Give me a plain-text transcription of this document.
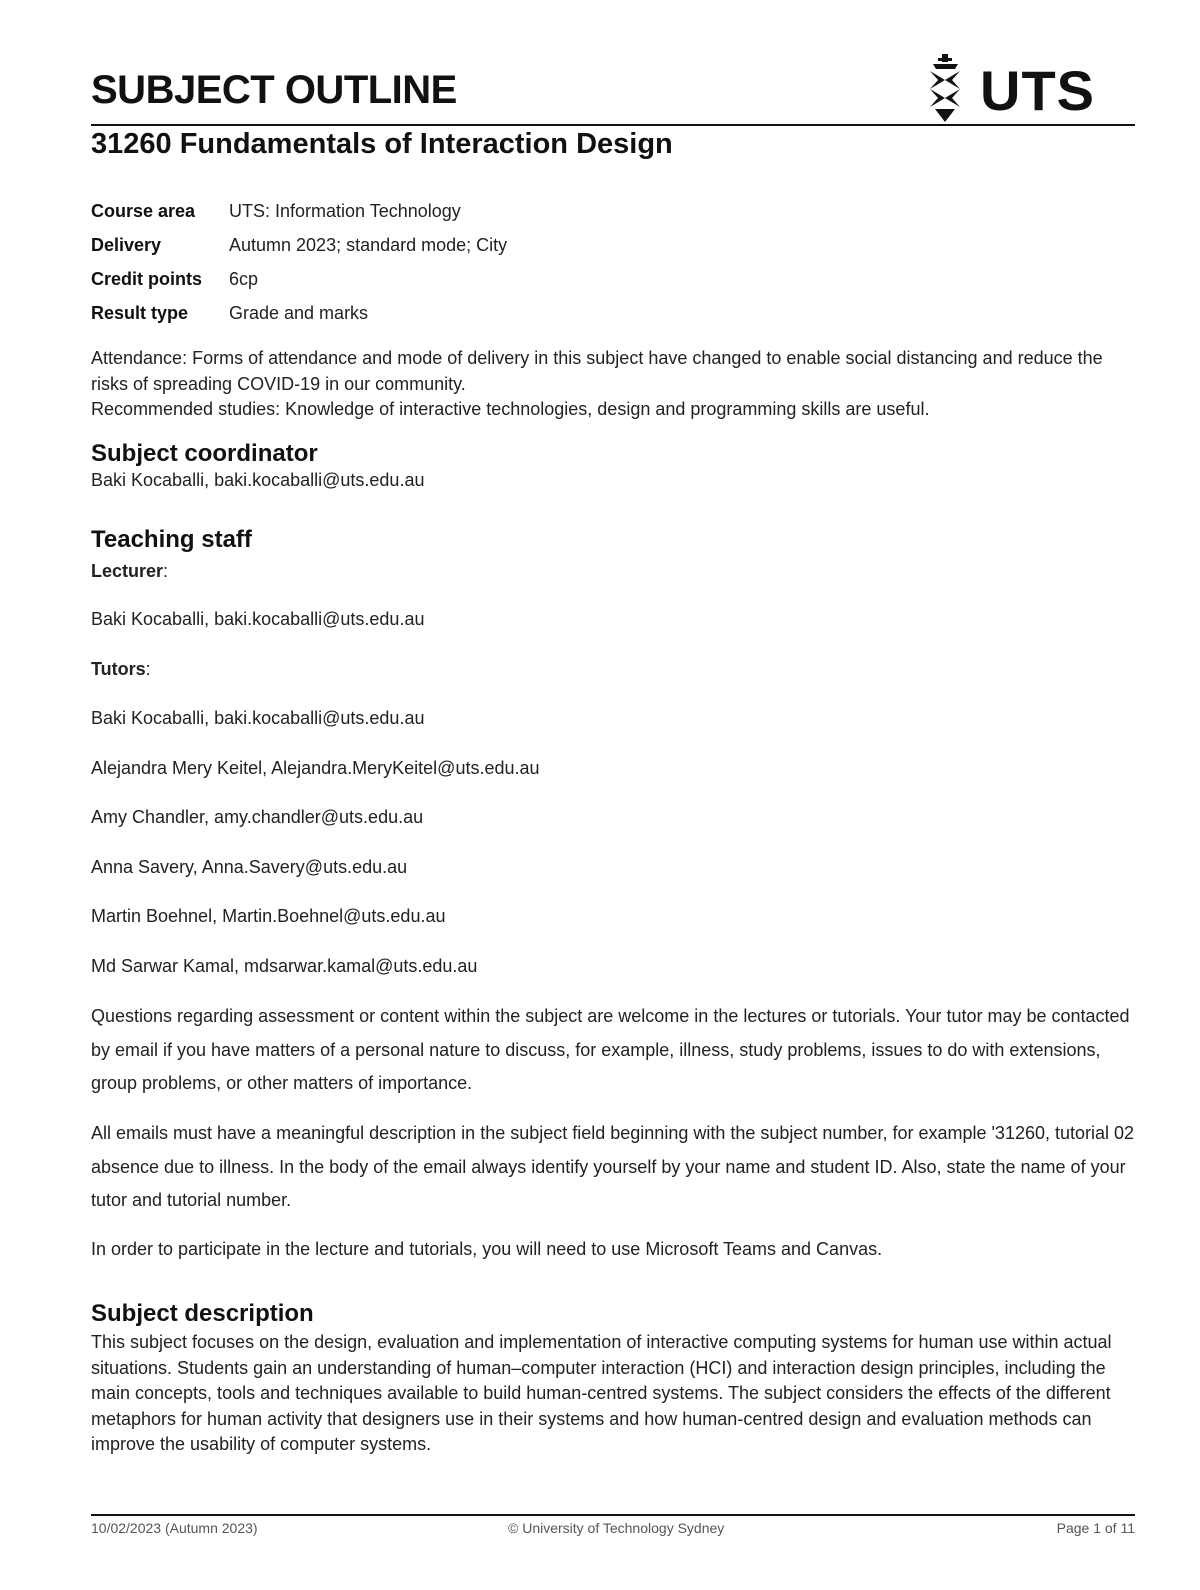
SUBJECT OUTLINE	UTS
31260 Fundamentals of Interaction Design
Course area	UTS: Information Technology
Delivery	Autumn 2023; standard mode; City
Credit points	6cp
Result type	Grade and marks

Attendance: Forms of attendance and mode of delivery in this subject have changed to enable social distancing and reduce the risks of spreading COVID-19 in our community.

Recommended studies: Knowledge of interactive technologies, design and programming skills are useful.

Subject coordinator

Baki Kocaballi, baki.kocaballi@uts.edu.au

Teaching staff

Lecturer:

Baki Kocaballi, baki.kocaballi@uts.edu.au

Tutors:

Baki Kocaballi, baki.kocaballi@uts.edu.au

Alejandra Mery Keitel, Alejandra.MeryKeitel@uts.edu.au

Amy Chandler, amy.chandler@uts.edu.au

Anna Savery, Anna.Savery@uts.edu.au

Martin Boehnel, Martin.Boehnel@uts.edu.au

Md Sarwar Kamal, mdsarwar.kamal@uts.edu.au

Questions regarding assessment or content within the subject are welcome in the lectures or tutorials. Your tutor may be contacted by email if you have matters of a personal nature to discuss, for example, illness, study problems, issues to do with extensions, group problems, or other matters of importance.

All emails must have a meaningful description in the subject field beginning with the subject number, for example '31260, tutorial 02 absence due to illness. In the body of the email always identify yourself by your name and student ID. Also, state the name of your tutor and tutorial number.

In order to participate in the lecture and tutorials, you will need to use Microsoft Teams and Canvas.

Subject description

This subject focuses on the design, evaluation and implementation of interactive computing systems for human use within actual situations. Students gain an understanding of human–computer interaction (HCI) and interaction design principles, including the main concepts, tools and techniques available to build human-centred systems. The subject considers the effects of the different metaphors for human activity that designers use in their systems and how human-centred design and evaluation methods can improve the usability of computer systems.

10/02/2023 (Autumn 2023)	© University of Technology Sydney	Page 1 of 11
